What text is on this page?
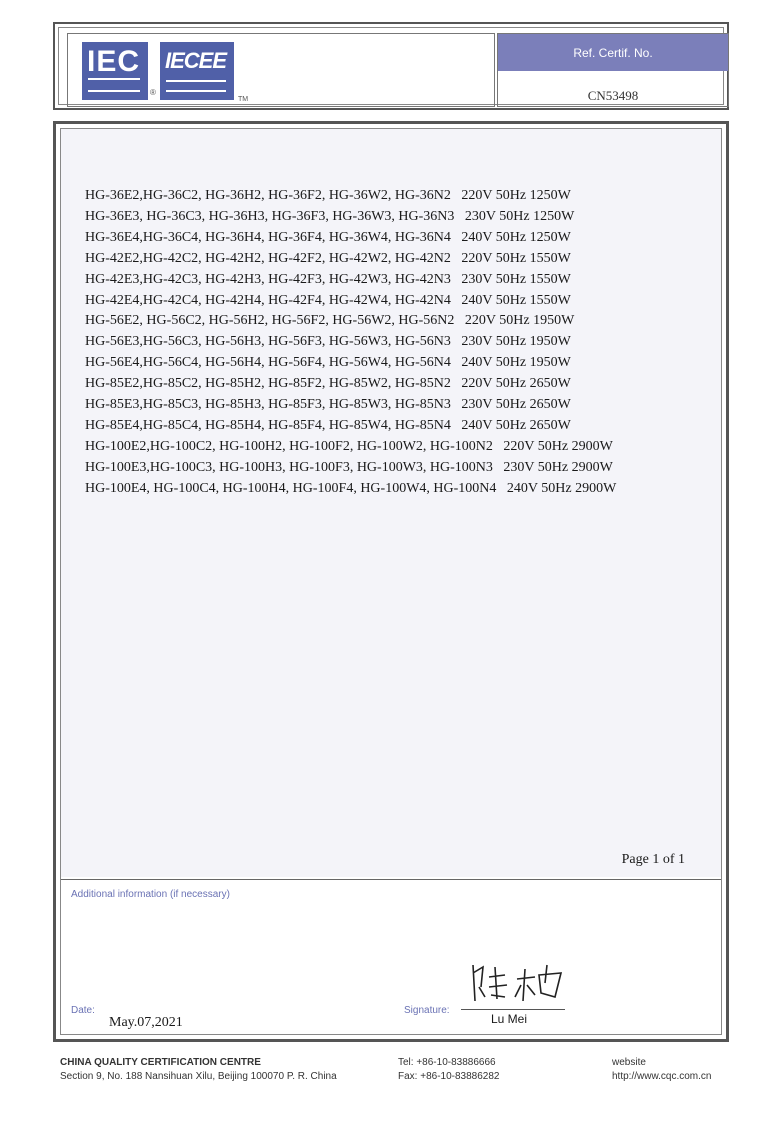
IEC
®
IECEE
TM
Ref. Certif. No.
CN53498
HG-36E2,HG-36C2, HG-36H2, HG-36F2, HG-36W2, HG-36N2   220V 50Hz 1250W
HG-36E3, HG-36C3, HG-36H3, HG-36F3, HG-36W3, HG-36N3   230V 50Hz 1250W
HG-36E4,HG-36C4, HG-36H4, HG-36F4, HG-36W4, HG-36N4   240V 50Hz 1250W
HG-42E2,HG-42C2, HG-42H2, HG-42F2, HG-42W2, HG-42N2   220V 50Hz 1550W
HG-42E3,HG-42C3, HG-42H3, HG-42F3, HG-42W3, HG-42N3   230V 50Hz 1550W
HG-42E4,HG-42C4, HG-42H4, HG-42F4, HG-42W4, HG-42N4   240V 50Hz 1550W
HG-56E2, HG-56C2, HG-56H2, HG-56F2, HG-56W2, HG-56N2   220V 50Hz 1950W
HG-56E3,HG-56C3, HG-56H3, HG-56F3, HG-56W3, HG-56N3   230V 50Hz 1950W
HG-56E4,HG-56C4, HG-56H4, HG-56F4, HG-56W4, HG-56N4   240V 50Hz 1950W
HG-85E2,HG-85C2, HG-85H2, HG-85F2, HG-85W2, HG-85N2   220V 50Hz 2650W
HG-85E3,HG-85C3, HG-85H3, HG-85F3, HG-85W3, HG-85N3   230V 50Hz 2650W
HG-85E4,HG-85C4, HG-85H4, HG-85F4, HG-85W4, HG-85N4   240V 50Hz 2650W
HG-100E2,HG-100C2, HG-100H2, HG-100F2, HG-100W2, HG-100N2   220V 50Hz 2900W
HG-100E3,HG-100C3, HG-100H3, HG-100F3, HG-100W3, HG-100N3   230V 50Hz 2900W
HG-100E4, HG-100C4, HG-100H4, HG-100F4, HG-100W4, HG-100N4   240V 50Hz 2900W
Page 1 of 1
Additional information (if necessary)
Date:
May.07,2021
Signature:
Lu Mei
CHINA QUALITY CERTIFICATION CENTRE
Section 9, No. 188 Nansihuan Xilu, Beijing 100070 P. R. China
Tel: +86-10-83886666
Fax: +86-10-83886282
website
http://www.cqc.com.cn
